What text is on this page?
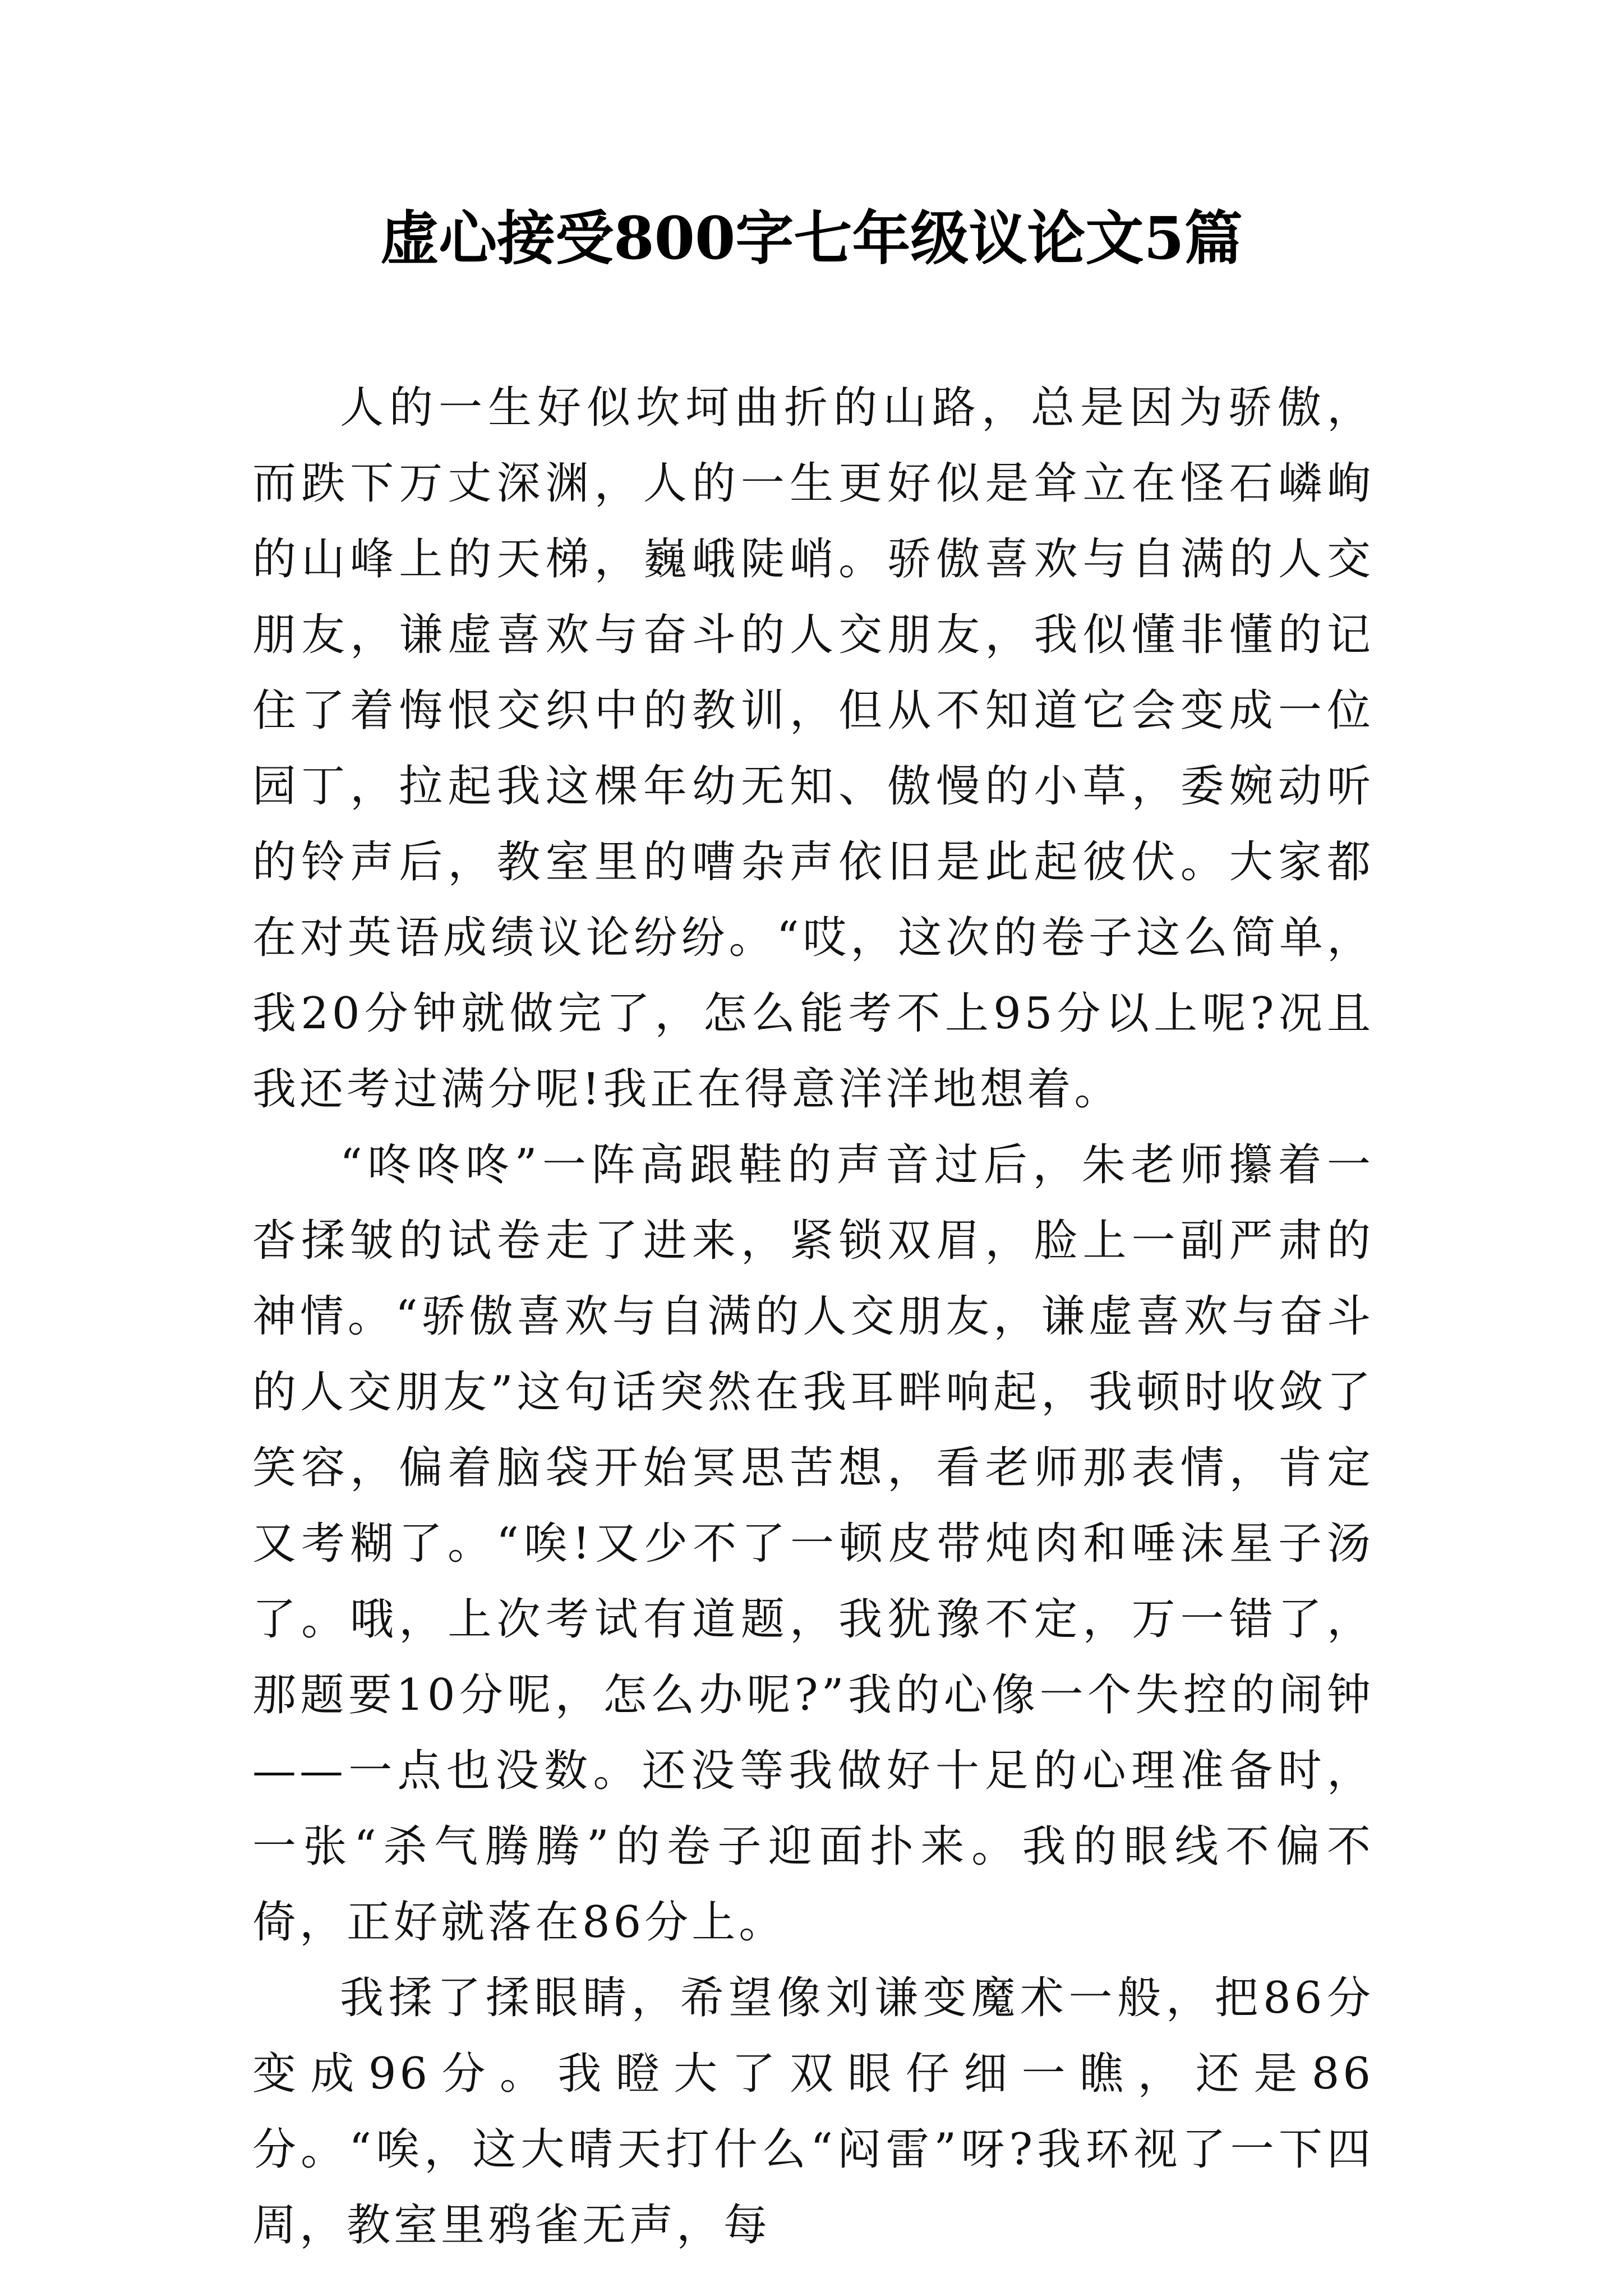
虚心接受800字七年级议论文5篇

人的一生好似坎坷曲折的山路，总是因为骄傲，而跌下万丈深渊，人的一生更好似是耸立在怪石嶙峋的山峰上的天梯，巍峨陡峭。骄傲喜欢与自满的人交朋友，谦虚喜欢与奋斗的人交朋友，我似懂非懂的记住了着悔恨交织中的教训，但从不知道它会变成一位园丁，拉起我这棵年幼无知、傲慢的小草，委婉动听的铃声后，教室里的嘈杂声依旧是此起彼伏。大家都在对英语成绩议论纷纷。“哎，这次的卷子这么简单，我20分钟就做完了，怎么能考不上95分以上呢?况且我还考过满分呢!我正在得意洋洋地想着。

“咚咚咚”一阵高跟鞋的声音过后，朱老师攥着一沓揉皱的试卷走了进来，紧锁双眉，脸上一副严肃的神情。“骄傲喜欢与自满的人交朋友，谦虚喜欢与奋斗的人交朋友”这句话突然在我耳畔响起，我顿时收敛了笑容，偏着脑袋开始冥思苦想，看老师那表情，肯定又考糊了。“唉!又少不了一顿皮带炖肉和唾沫星子汤了。哦，上次考试有道题，我犹豫不定，万一错了，那题要10分呢，怎么办呢?”我的心像一个失控的闹钟——一点也没数。还没等我做好十足的心理准备时，一张“杀气腾腾”的卷子迎面扑来。我的眼线不偏不倚，正好就落在86分上。

我揉了揉眼睛，希望像刘谦变魔术一般，把86分变成96分。我瞪大了双眼仔细一瞧，还是86分。“唉，这大晴天打什么“闷雷”呀?我环视了一下四周，教室里鸦雀无声，每
